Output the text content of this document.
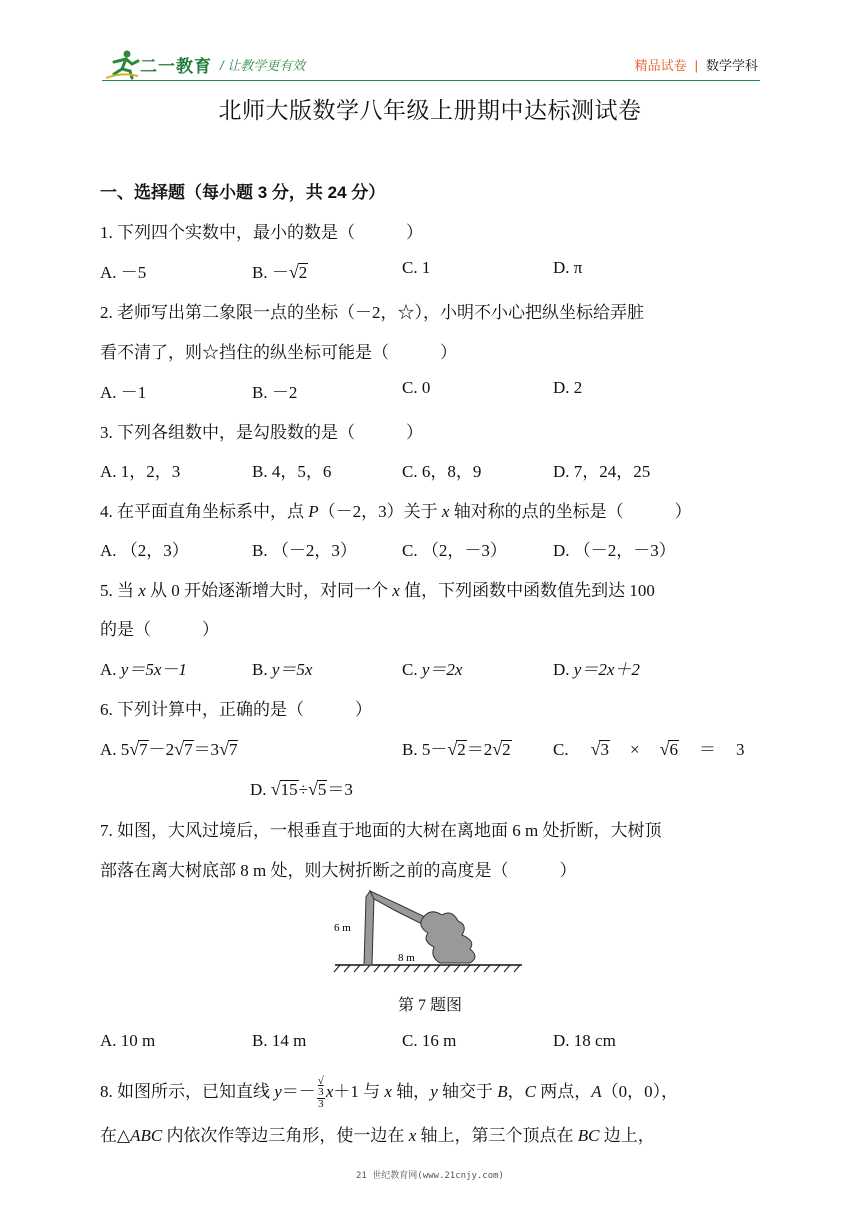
二一教育 / 让教学更有效	精品试卷 | 数学学科
北师大版数学八年级上册期中达标测试卷
一、选择题（每小题 3 分，共 24 分）
1. 下列四个实数中，最小的数是（　　　）
A. －5	B. －√2	C. 1	D. π
2. 老师写出第二象限一点的坐标（－2，☆），小明不小心把纵坐标给弄脏
看不清了，则☆挡住的纵坐标可能是（　　　）
A. －1	B. －2	C. 0	D. 2
3. 下列各组数中，是勾股数的是（　　　）
A. 1，2，3	B. 4，5，6	C. 6，8，9	D. 7，24，25
4. 在平面直角坐标系中，点 P（－2，3）关于 x 轴对称的点的坐标是（　　　）
A. （2，3）	B. （－2，3）	C. （2，－3）	D. （－2，－3）
5. 当 x 从 0 开始逐渐增大时，对同一个 x 值，下列函数中函数值先到达 100
的是（　　　）
A. y＝5x－1	B. y＝5x	C. y＝2x	D. y＝2x＋2
6. 下列计算中，正确的是（　　　）
A. 5√7－2√7＝3√7	B. 5－√2＝2√2 C. √3 × √6 ＝ 3
D. √15÷√5＝3
7. 如图，大风过境后，一根垂直于地面的大树在离地面 6 m 处折断，大树顶
部落在离大树底部 8 m 处，则大树折断之前的高度是（　　　）
6 m
8 m
第 7 题图
A. 10 m	B. 14 m	C. 16 m	D. 18 cm
8. 如图所示，已知直线 y＝－ √
3
3 x＋1 与 x 轴，y 轴交于 B，C 两点，A（0，0），
在△ABC 内依次作等边三角形，使一边在 x 轴上，第三个顶点在 BC 边上，
21 世纪教育网(www.21cnjy.com)
